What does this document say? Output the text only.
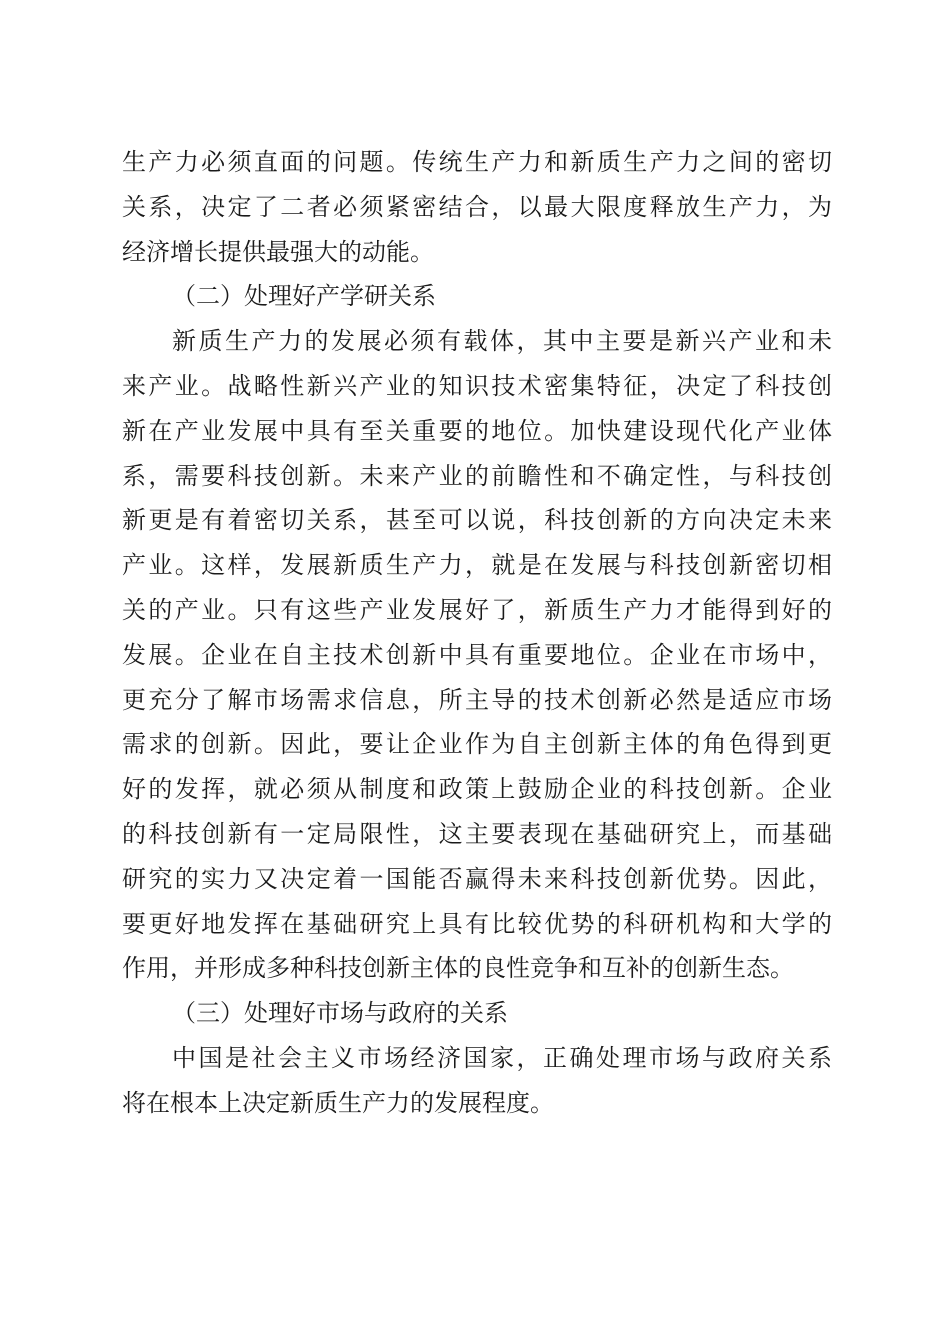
生产力必须直面的问题。传统生产力和新质生产力之间的密切
关系，决定了二者必须紧密结合，以最大限度释放生产力，为
经济增长提供最强大的动能。
（二）处理好产学研关系
新质生产力的发展必须有载体，其中主要是新兴产业和未
来产业。战略性新兴产业的知识技术密集特征，决定了科技创
新在产业发展中具有至关重要的地位。加快建设现代化产业体
系，需要科技创新。未来产业的前瞻性和不确定性，与科技创
新更是有着密切关系，甚至可以说，科技创新的方向决定未来
产业。这样，发展新质生产力，就是在发展与科技创新密切相
关的产业。只有这些产业发展好了，新质生产力才能得到好的
发展。企业在自主技术创新中具有重要地位。企业在市场中，
更充分了解市场需求信息，所主导的技术创新必然是适应市场
需求的创新。因此，要让企业作为自主创新主体的角色得到更
好的发挥，就必须从制度和政策上鼓励企业的科技创新。企业
的科技创新有一定局限性，这主要表现在基础研究上，而基础
研究的实力又决定着一国能否赢得未来科技创新优势。因此，
要更好地发挥在基础研究上具有比较优势的科研机构和大学的
作用，并形成多种科技创新主体的良性竞争和互补的创新生态。
（三）处理好市场与政府的关系
中国是社会主义市场经济国家，正确处理市场与政府关系
将在根本上决定新质生产力的发展程度。
